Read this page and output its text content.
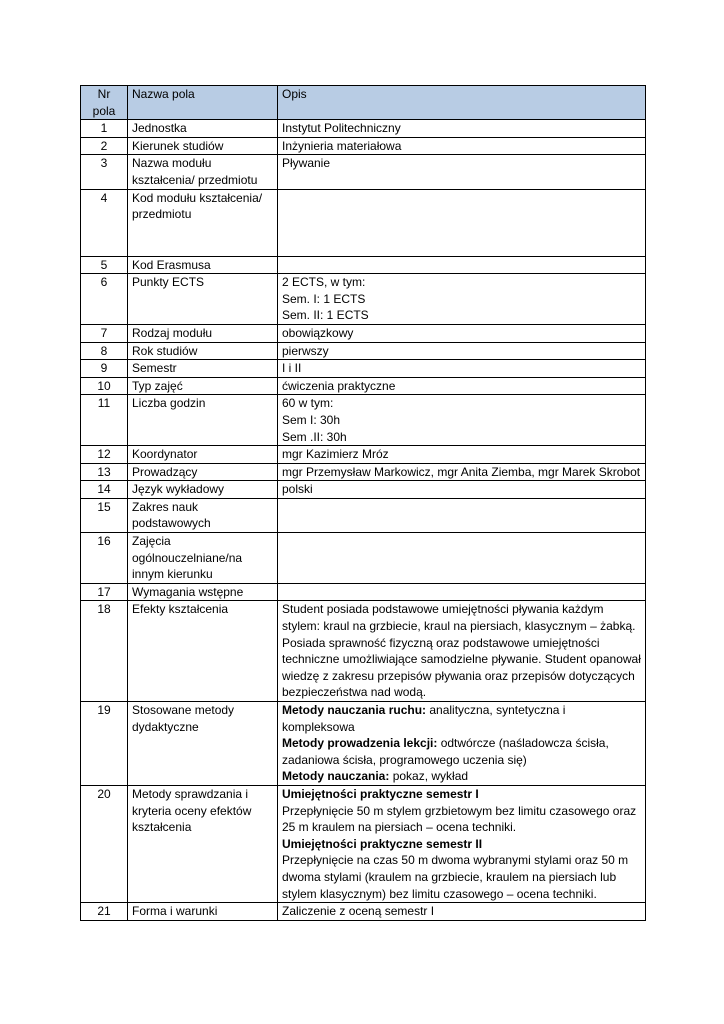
Nr pola	Nazwa pola	Opis
1	Jednostka	Instytut Politechniczny
2	Kierunek studiów	Inżynieria materiałowa
3	Nazwa modułu kształcenia/ przedmiotu	Pływanie
4	Kod modułu kształcenia/ przedmiotu	
5	Kod Erasmusa	
6	Punkty ECTS	2 ECTS, w tym:
Sem. I: 1 ECTS
Sem. II: 1 ECTS

7	Rodzaj modułu	obowiązkowy
8	Rok studiów	pierwszy
9	Semestr	I i II
10	Typ zajęć	ćwiczenia praktyczne
11	Liczba godzin	60 w tym:
Sem I: 30h
Sem .II: 30h

12	Koordynator	mgr Kazimierz Mróz
13	Prowadzący	mgr Przemysław Markowicz, mgr Anita Ziemba, mgr Marek Skrobot
14	Język wykładowy	polski
15	Zakres nauk podstawowych	
16	Zajęcia ogólnouczelniane/na innym kierunku	
17	Wymagania wstępne	
18	Efekty kształcenia	Student posiada podstawowe umiejętności pływania każdym stylem: kraul na grzbiecie, kraul na piersiach, klasycznym – żabką. Posiada sprawność fizyczną oraz podstawowe umiejętności techniczne umożliwiające samodzielne pływanie. Student opanował wiedzę z zakresu przepisów pływania oraz przepisów dotyczących bezpieczeństwa nad wodą.
19	Stosowane metody dydaktyczne	Metody nauczania ruchu: analityczna, syntetyczna i kompleksowa
Metody prowadzenia lekcji: odtwórcze (naśladowcza ścisła, zadaniowa ścisła, programowego uczenia się)
Metody nauczania: pokaz, wykład

20	Metody sprawdzania i kryteria oceny efektów kształcenia	Umiejętności praktyczne semestr I
Przepłynięcie 50 m stylem grzbietowym bez limitu czasowego oraz 25 m kraulem na piersiach – ocena techniki.
Umiejętności praktyczne semestr II
Przepłynięcie na czas 50 m dwoma wybranymi stylami oraz 50 m dwoma stylami (kraulem na grzbiecie, kraulem na piersiach lub stylem klasycznym) bez limitu czasowego – ocena techniki.

21	Forma i warunki	Zaliczenie z oceną semestr I
